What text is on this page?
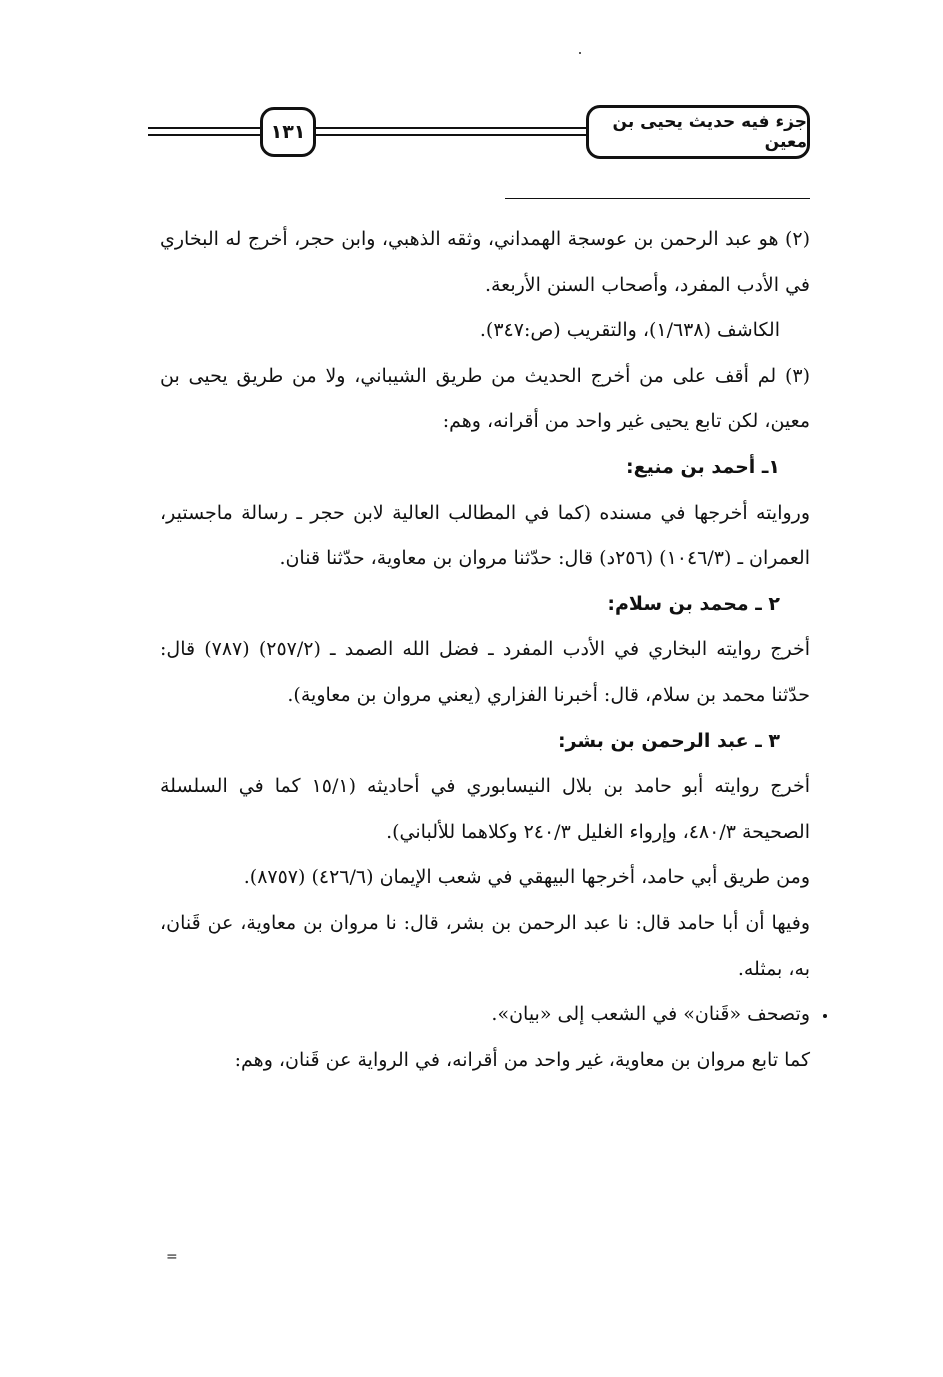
١٣١	جزء فيه حديث يحيى بن معين

(٢) هو عبد الرحمن بن عوسجة الهمداني، وثقه الذهبي، وابن حجر، أخرج له البخاري في الأدب المفرد، وأصحاب السنن الأربعة.

الكاشف (١/٦٣٨)، والتقريب (ص:٣٤٧).

(٣) لم أقف على من أخرج الحديث من طريق الشيباني، ولا من طريق يحيى بن معين، لكن تابع يحيى غير واحد من أقرانه، وهم:

١ـ أحمد بن منيع:

وروايته أخرجها في مسنده (كما في المطالب العالية لابن حجر ـ رسالة ماجستير، العمران ـ (١٠٤٦/٣) (٢٥٦د) قال: حدّثنا مروان بن معاوية، حدّثنا قنان.

٢ ـ محمد بن سلام:

أخرج روايته البخاري في الأدب المفرد ـ فضل الله الصمد ـ (٢٥٧/٢) (٧٨٧) قال: حدّثنا محمد بن سلام، قال: أخبرنا الفزاري (يعني مروان بن معاوية).

٣ ـ عبد الرحمن بن بشر:

أخرج روايته أبو حامد بن بلال النيسابوري في أحاديثه (١٥/١ كما في السلسلة الصحيحة ٤٨٠/٣، وإرواء الغليل ٢٤٠/٣ وكلاهما للألباني).

ومن طريق أبي حامد، أخرجها البيهقي في شعب الإيمان (٤٢٦/٦) (٨٧٥٧).

وفيها أن أبا حامد قال: نا عبد الرحمن بن بشر، قال: نا مروان بن معاوية، عن قَنان، به، بمثله.

وتصحف «قَنان» في الشعب إلى «بيان».

كما تابع مروان بن معاوية، غير واحد من أقرانه، في الرواية عن قَنان، وهم:

=
